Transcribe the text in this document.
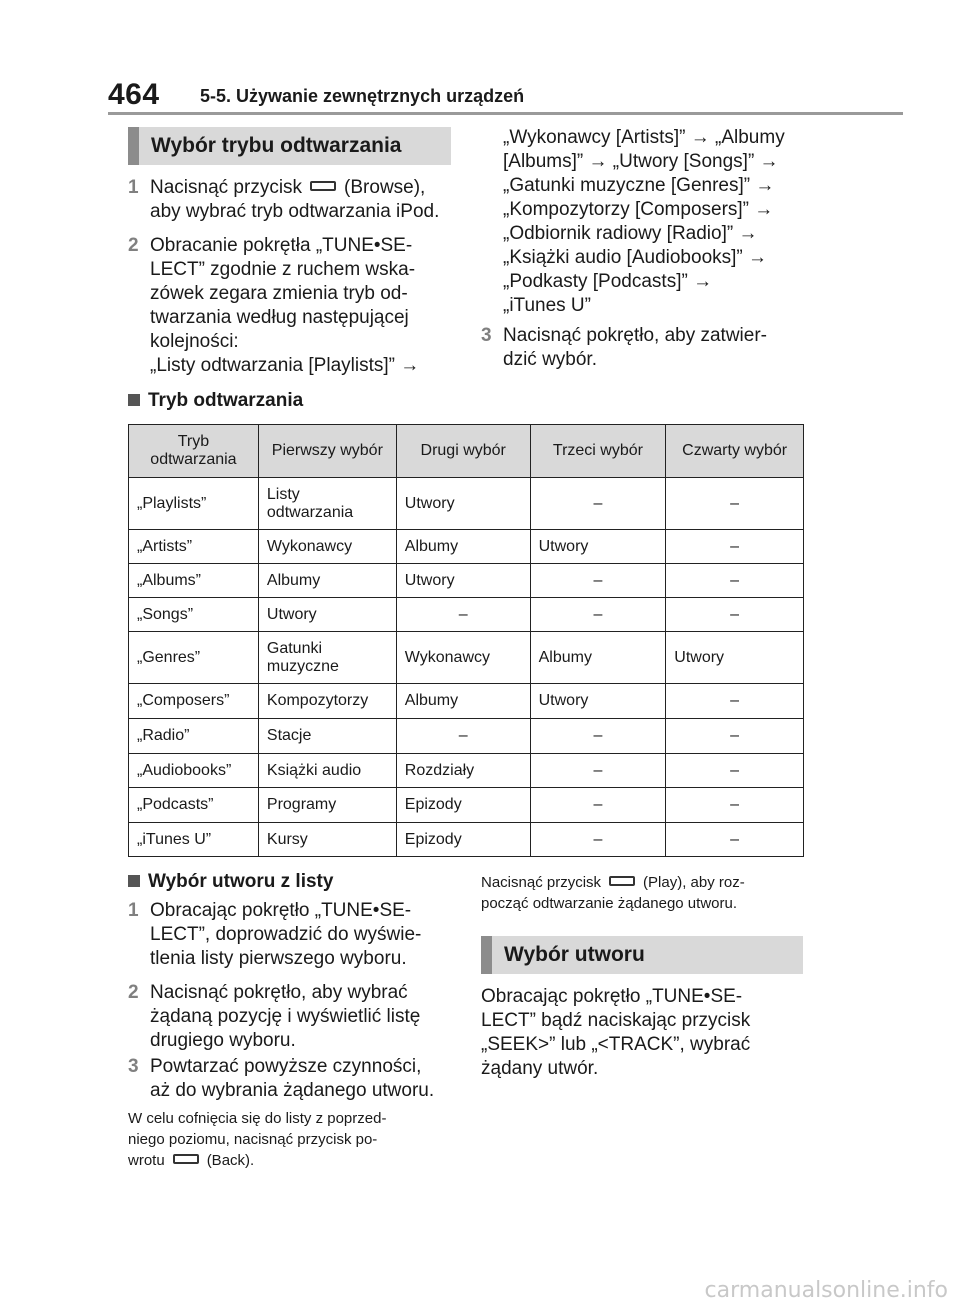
464 5-5. Używanie zewnętrznych urządzeń
Wybór trybu odtwarzania
1 Nacisnąć przycisk (Browse),
aby wybrać tryb odtwarzania iPod.
2 Obracanie pokrętła „TUNE•SE-
LECT” zgodnie z ruchem wska-
zówek zegara zmienia tryb od-
twarzania według następującej
kolejności:
„Listy odtwarzania [Playlists]” →
„Wykonawcy [Artists]” → „Albumy
[Albums]” → „Utwory [Songs]” →
„Gatunki muzyczne [Genres]” →
„Kompozytorzy [Composers]” →
„Odbiornik radiowy [Radio]” →
„Książki audio [Audiobooks]” →
„Podkasty [Podcasts]” →
„iTunes U”
3 Nacisnąć pokrętło, aby zatwier-
dzić wybór.
Tryb odtwarzania
Tryb
odtwarzania	Pierwszy wybór	Drugi wybór	Trzeci wybór	Czwarty wybór
„Playlists”	Listy
odtwarzania	Utwory	–	–
„Artists”	Wykonawcy	Albumy	Utwory	–
„Albums”	Albumy	Utwory	–	–
„Songs”	Utwory	–	–	–
„Genres”	Gatunki
muzyczne	Wykonawcy	Albumy	Utwory
„Composers”	Kompozytorzy	Albumy	Utwory	–
„Radio”	Stacje	–	–	–
„Audiobooks”	Książki audio	Rozdziały	–	–
„Podcasts”	Programy	Epizody	–	–
„iTunes U”	Kursy	Epizody	–	–
Wybór utworu z listy
1 Obracając pokrętło „TUNE•SE-
LECT”, doprowadzić do wyświe-
tlenia listy pierwszego wyboru.
2 Nacisnąć pokrętło, aby wybrać
żądaną pozycję i wyświetlić listę
drugiego wyboru.
3 Powtarzać powyższe czynności,
aż do wybrania żądanego utworu.
W celu cofnięcia się do listy z poprzed-
niego poziomu, nacisnąć przycisk po-
wrotu	(Back).
Nacisnąć przycisk	(Play), aby roz-
począć odtwarzanie żądanego utworu.
Wybór utworu
Obracając pokrętło „TUNE•SE-
LECT” bądź naciskając przycisk
„SEEK>” lub „<TRACK”, wybrać
żądany utwór.
carmanualsonline.info
